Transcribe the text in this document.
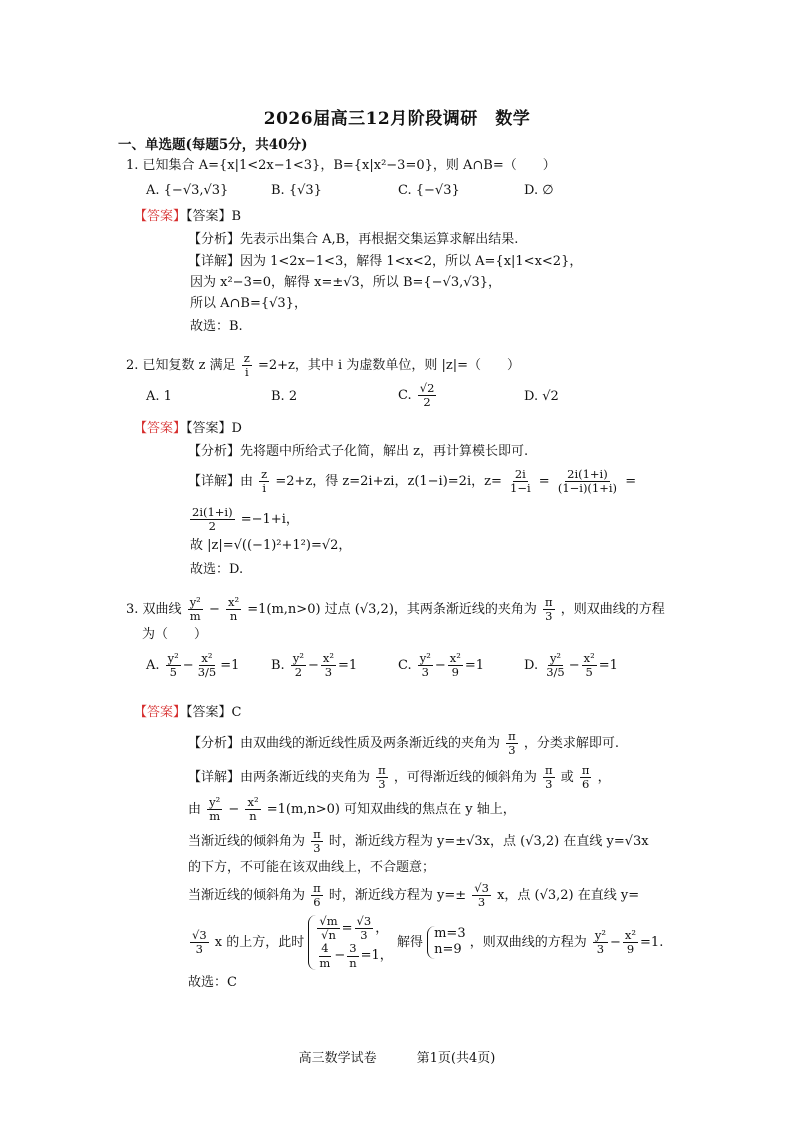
2026届高三12月阶段调研　数学
一、单选题(每题5分，共40分)
1. 已知集合 A={x|1<2x−1<3}，B={x|x²−3=0}，则 A∩B=（　　）
A. {−√3,√3}	B. {√3}	C. {−√3}	D. ∅
【答案】【答案】B
【分析】先表示出集合 A,B，再根据交集运算求解出结果.
【详解】因为 1<2x−1<3，解得 1<x<2，所以 A={x|1<x<2}，
因为 x²−3=0，解得 x=±√3，所以 B={−√3,√3}，
所以 A∩B={√3}，
故选：B.
2. 已知复数 z 满足 $\frac{z}{i} =2+z$，其中 i 为虚数单位，则 |z|=（　　）
A. 1	B. 2	C. $\frac{√2}{2}$	D. √2
【答案】【答案】D
【分析】先将题中所给式子化简，解出 z，再计算模长即可.
【详解】由 $\frac{z}{i} =2+z$，得 z=2i+zi，z(1−i)=2i，$z= \frac{2i}{1-i} = \frac{2i(1+i)}{(1-i)(1+i)}$ =
$\frac{2i(1+i)}{2} =-1+i$，
故 |z|=√((−1)²+1²)=√2，
故选：D.
3. 双曲线 $\frac{\text{y²}}{m} - \frac{\text{x²}}{n} =1(m,n>0)$ 过点 (√3,2)，其两条渐近线的夹角为 $\frac{\pi}{3}$ ，则双曲线的方程
为（　　）
A. $\frac{\text{y²}}{5} - \frac{\text{x²}}{3/5} =1$ B. $\frac{\text{y²}}{2} - \frac{\text{x²}}{3} =1$	C. $\frac{\text{y²}}{3} - \frac{\text{x²}}{9} =1$	D. $\frac{\text{y²}}{3/5} - \frac{\text{x²}}{5} =1$
【答案】【答案】C
【分析】由双曲线的渐近线性质及两条渐近线的夹角为 $\frac{\pi}{3}$ ，分类求解即可.
【详解】由两条渐近线的夹角为 $\frac{\pi}{3}$ ，可得渐近线的倾斜角为 $\frac{\pi}{3}$ 或 $\frac{\pi}{6}$ ，
由 $\frac{\text{y²}}{m} - \frac{\text{x²}}{n} =1(m,n>0)$ 可知双曲线的焦点在 y 轴上，
当渐近线的倾斜角为 $\frac{\pi}{3}$ 时，渐近线方程为 y=±√3x，点 (√3,2) 在直线 y=√3x
的下方，不可能在该双曲线上，不合题意；
当渐近线的倾斜角为 $\frac{\pi}{6}$ 时，渐近线方程为 $y=\pm \frac{√3}{3}$ x，点 (√3,2) 在直线 y=
$\frac{√3}{3}$ x 的上方，此时 $\frac{√m}{√n} = \frac{√3}{3}$ ，

$\frac{4}{m} - \frac{3}{n} =1$， 解得 m=3
n=9 ，则双曲线的方程为 $\frac{\text{y²}}{3} - \frac{\text{x²}}{9} =1$.
故选：C
高三数学试卷	第1页(共4页)
